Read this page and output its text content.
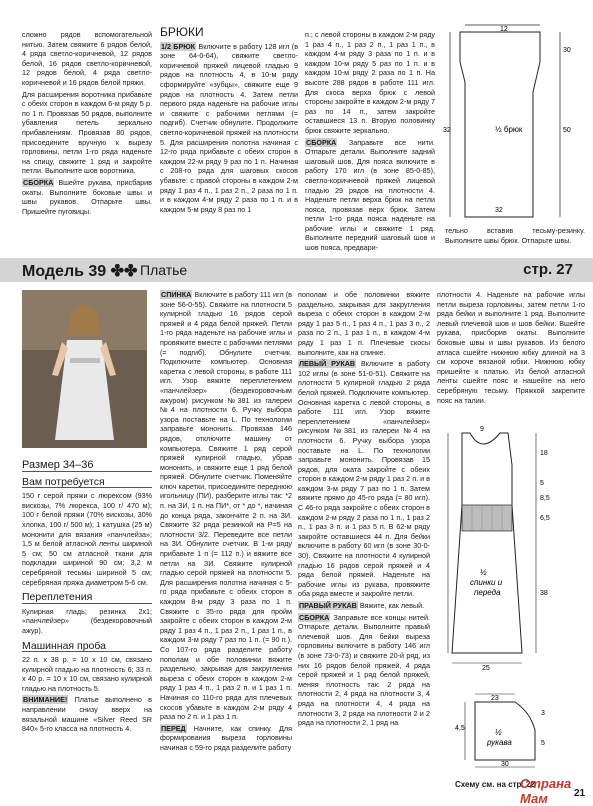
сложно рядов вспомогательной нитью. Затем свяжите 6 рядов белой, 4 ряда светло-коричневой, 12 рядов белой, 16 рядов светло-коричневой, 12 рядов белой, 4 ряда светло-коричневой и 16 рядов белой пряжи.

Для расширения воротника прибавьте с обеих сторон в каждом 6-м ряду 5 р. по 1 п. Провязав 50 рядов, выполните убавления петель зеркально прибавлениям. Провязав 80 рядов, присоедините вручную к вырезу горловины, петли 1-го ряда наденьте на спицу, свяжите 1 ряд и закройте петли. Выполните шов воротника.

СБОРКА Вшейте рукава, присбарив окаты. Выполните боковые швы и швы рукавов. Отпарьте швы. Пришейте пуговицы.

БРЮКИ

1/2 БРЮК Включите в работу 128 игл (в зоне 64-0-64), свяжите светло-коричневой пряжей лицевой гладью 9 рядов на плотность 4, в 10-м ряду сформируйте «зубцы», свяжите еще 9 рядов на плотность 4. Затем петли первого ряда наденьте на рабочие иглы и свяжите с рабочими петлями (= подгиб). Счетчик обнулите. Продолжите светло-коричневой пряжей на плотности 5. Для расширения полотна начиная с 12-го ряда прибавьте с обеих сторон в каждом 22-м ряду 9 раз по 1 п. Начиная с 208-го ряда для шаговых скосов убавьте: с правой стороны в каждом 2-м ряду 1 раз 4 п., 1 раз 2 п., 2 раза по 1 п. и в каждом 4-м ряду 2 раза по 1 п. и в каждом 5-м ряду 8 раз по 1

п.; с левой стороны в каждом 2-м ряду 1 раз 4 п., 1 раз 2 п., 1 раз 1 п., в каждом 4-м ряду 3 раза по 1 п. и в каждом 10-м ряду 5 раз по 1 п. и в каждом 10-м ряду 2 раза по 1 п. На высоте 288 рядов в работе 111 игл. Для скоса верха брюк с левой стороны закройте в каждом 2-м ряду 7 раз по 14 п., затем закройте оставшиеся 13 п. Вторую половинку брюк свяжите зеркально.

СБОРКА Заправьте все нити. Отпарьте детали. Выполните задний шаговый шов. Для пояса включите в работу 170 игл (в зоне 85-0-85), светло-коричневой пряжей лицевой гладью 29 рядов на плотности 4. Наденьте петли верха брюк на петли пояса, провязав верх брюк. Затем петли 1-го ряда пояса наденьте на рабочие иглы и свяжите 1 ряд. Выполните передний шаговый шов и шов пояса, предвари-

½ брюк
12
50
30
32
32

тельно вставив тесьму-резинку. Выполните швы брюк. Отпарьте швы.

Модель 39 ✤✤ Платье	стр. 27
Размер 34–36
Вам потребуется

150 г серой пряжи с люрексом (93% вискозы, 7% люрекса, 100 г/ 470 м); 100 г белой пряжи (70% вискозы, 30% хлопка, 100 г/ 500 м); 1 катушка (25 м) мононити для вязания «панчлейза»; 1,5 м белой атласной ленты шириной 5 см; 50 см атласной ткани для подкладки шириной 90 см; 3,2 м серебряной тесьмы шириной 5 см; серебряная пряжа диаметром 5-6 см.

Переплетения

Кулирная гладь; резинка 2х1; «панчлейзер» (бездекоровочный ажур).

Машинная проба

22 п. х 38 р. = 10 х 10 см, связано кулирной гладью на плотность 6; 33 п. х 40 р. = 10 х 10 см, связано кулирной гладью на плотность 5.

ВНИМАНИЕ! Платье выполнено в направлении снизу вверх на вязальной машине «Silver Reed SR 840» 5-го класса на плотность 4.

СПИНКА Включите в работу 111 игл (в зоне 56-0-55). Свяжите на плотности 5 кулирной гладью 16 рядов серой пряжей и 4 ряда белой пряжей. Петли 1-го ряда наденьте на рабочие иглы и провяжите вместе с рабочими петлями (= подгиб). Обнулите счетчик. Подключите компьютер. Основная каретка с левой стороны, в работе 111 игл. Узор вяжите переплетением «панчлейзер» (бездекоровочным ажуром) рисунком №381 из галереи №4 на плотности 6. Ручку выбора узора поставьте на L. По технологии заправьте мононить. Провязав 146 рядов, отключите машину от компьютера. Свяжите 1 ряд серой пряжей кулирной гладью, убрав мононить, и свяжите еще 1 ряд белой пряжей. Обнулите счетчик. Поменяйте ключ каретки, присоедините переднюю игольницу (ПИ), разберите иглы так: *2 п. на ЗИ, 1 п. на ПИ*, от * до *, начиная до конца ряда, закончите 2 п. на ЗИ. Свяжите 32 ряда резинкой на Р=5 на плотности 3/2. Переведите все петли на ЗИ. Обнулите счетчик. В 1-м ряду прибавьте 1 п (= 112 п.) и вяжите все петли на ЗИ. Свяжите кулирной гладью серой пряжей на плотности 5. Для расширения полотна начиная с 5-го ряда прибавьте с обеих сторон в каждом 8-м ряду 3 раза по 1 п. Свяжите с 35-го ряда для пройм закройте с обеих сторон в каждом 2-м ряду 1 раз 4 п., 1 раз 2 п., 1 раз 1 п., в каждом 3-м ряду 7 раз по 1 п. (= 90 п.). Со 107-го ряда разделите работу пополам и обе половинки вяжите раздельно, закрывая для закругления выреза с обеих сторон в каждом 2-м ряду 1 раз 4 п., 1 раз 2 п. и 1 раз 1 п. Начиная со 110-го ряда для плечевых скосов убавьте в каждом 2-м ряду 4 раза по 2 п. и 1 раз 1 п.

ПЕРЕД Начните, как спинку. Для формирования выреза горловины начиная с 59-го ряда разделите работу

пополам и обе половинки вяжите раздельно, закрывая для закругления выреза с обеих сторон в каждом 2-м ряду 1 раз 5 п., 1 раз 4 п., 1 раз 3 п., 2 раза по 2 п., 1 раз 1 п., в каждом 4-м ряду 1 раз 1 п. Плечевые скосы выполните, как на спинке.

ЛЕВЫЙ РУКАВ Включите в работу 102 иглы (в зоне 51-0-51). Свяжите на плотности 5 кулирной гладью 2 ряда белой пряжей. Подключите компьютер. Основная каретка с левой стороны, в работе 111 игл. Узор вяжите переплетением «панчлейзер» рисунком №381 из галереи №4 на плотности 6. Ручку выбора узора поставьте на L. По технологии заправьте мононить. Провязав 15 рядов, для оката закройте с обеих сторон в каждом 2-м ряду 1 раз 2 п. и в каждом 3-м ряду 7 раз по 1 п. Затем вяжите прямо до 45-го ряда (= 80 игл). С 46-го ряда закройте с обеих сторон в каждом 2-м ряду 2 раза по 1 п., 1 раз 2 п., 1 раз 3 п. и 1 раз 5 п. В 62-м ряду закройте оставшиеся 44 п. Для бейки включите в работу 60 игл (в зоне 30-0-30). Свяжите на плотности 4 кулирной гладью 16 рядов серой пряжей и 4 ряда белой пряжей. Наденьте на рабочие иглы из рукава, провяжите оба ряда вместе и закройте петли.

ПРАВЫЙ РУКАВ Вяжите, как левый.

СБОРКА Заправьте все концы нитей. Отпарьте детали. Выполните правый плечевой шов. Для бейки выреза горловины включите в работу 146 игл (в зоне 73-0-73) и свяжите 20-й ряд, из них 16 рядов белой пряжей, 4 ряда серой пряжей и 1 ряд белой пряжей, меняя плотность так: 2 ряда на плотности 2, 4 ряда на плотности 3, 4 ряда на плотности 4, 4 ряда на плотности 3, 2 ряда на плотности 2 и 2 ряда на плотности 2, 1 ряд на

плотности 4. Наденьте на рабочие иглы петли выреза горловины, затем петли 1-го ряда бейки и выполните 1 ряд. Выполните левый плечевой шов и шов бейки. Вшейте рукава, присборив окаты. Выполните боковые швы и швы рукавов. Из белого атласа сшейте нижнюю юбку длиной на 3 см короче вязаной юбки. Нижнюю юбку пришейте к платью. Из белой атласной ленты сшейте пояс и нашейте на него серебряную тесьму. Пряжкой закрепите пояс на талии.

½
спинки и
переда
9
18
5
6,5
8,5
38
25
½
рукава
23
3
4,5
5
30
Схему см. на стр. 22
Страна Мам	21
